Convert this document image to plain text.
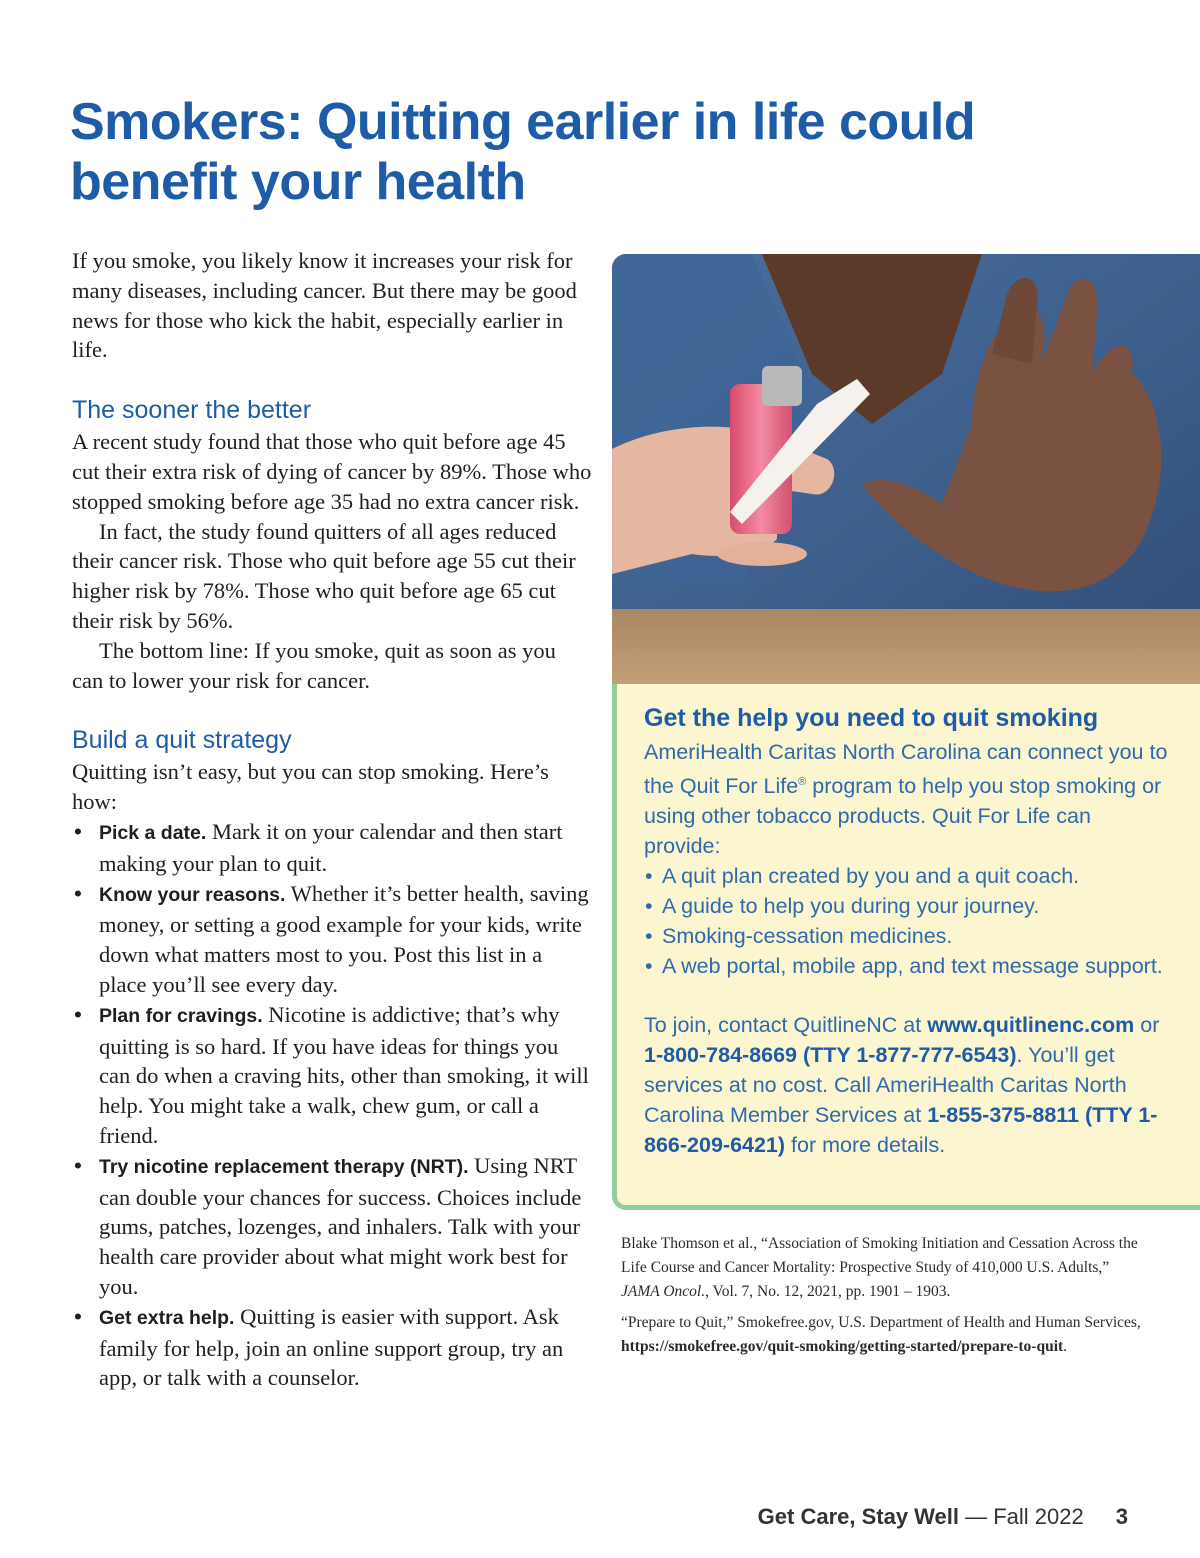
Smokers: Quitting earlier in life could benefit your health

If you smoke, you likely know it increases your risk for many diseases, including cancer. But there may be good news for those who kick the habit, especially earlier in life.

The sooner the better

A recent study found that those who quit before age 45 cut their extra risk of dying of cancer by 89%. Those who stopped smoking before age 35 had no extra cancer risk.

In fact, the study found quitters of all ages reduced their cancer risk. Those who quit before age 55 cut their higher risk by 78%. Those who quit before age 65 cut their risk by 56%.

The bottom line: If you smoke, quit as soon as you can to lower your risk for cancer.

Build a quit strategy

Quitting isn’t easy, but you can stop smoking. Here’s how:

• Pick a date. Mark it on your calendar and then start making your plan to quit.
• Know your reasons. Whether it’s better health, saving money, or setting a good example for your kids, write down what matters most to you. Post this list in a place you’ll see every day.
• Plan for cravings. Nicotine is addictive; that’s why quitting is so hard. If you have ideas for things you can do when a craving hits, other than smoking, it will help. You might take a walk, chew gum, or call a friend.
• Try nicotine replacement therapy (NRT). Using NRT can double your chances for success. Choices include gums, patches, lozenges, and inhalers. Talk with your health care provider about what might work best for you.
• Get extra help. Quitting is easier with support. Ask family for help, join an online support group, try an app, or talk with a counselor.
Get the help you need to quit smoking

AmeriHealth Caritas North Carolina can connect you to the Quit For Life® program to help you stop smoking or using other tobacco products. Quit For Life can provide:

• A quit plan created by you and a quit coach.
• A guide to help you during your journey.
• Smoking-cessation medicines.
• A web portal, mobile app, and text message support.

To join, contact QuitlineNC at www.quitlinenc.com or 1-800-784-8669 (TTY 1-877-777-6543). You’ll get services at no cost. Call AmeriHealth Caritas North Carolina Member Services at 1-855-375-8811 (TTY 1-866-209-6421) for more details.

Blake Thomson et al., “Association of Smoking Initiation and Cessation Across the Life Course and Cancer Mortality: Prospective Study of 410,000 U.S. Adults,” JAMA Oncol., Vol. 7, No. 12, 2021, pp. 1901 – 1903.

“Prepare to Quit,” Smokefree.gov, U.S. Department of Health and Human Services, https://smokefree.gov/quit-smoking/getting-started/prepare-to-quit.

Get Care, Stay Well — Fall 2022 3
